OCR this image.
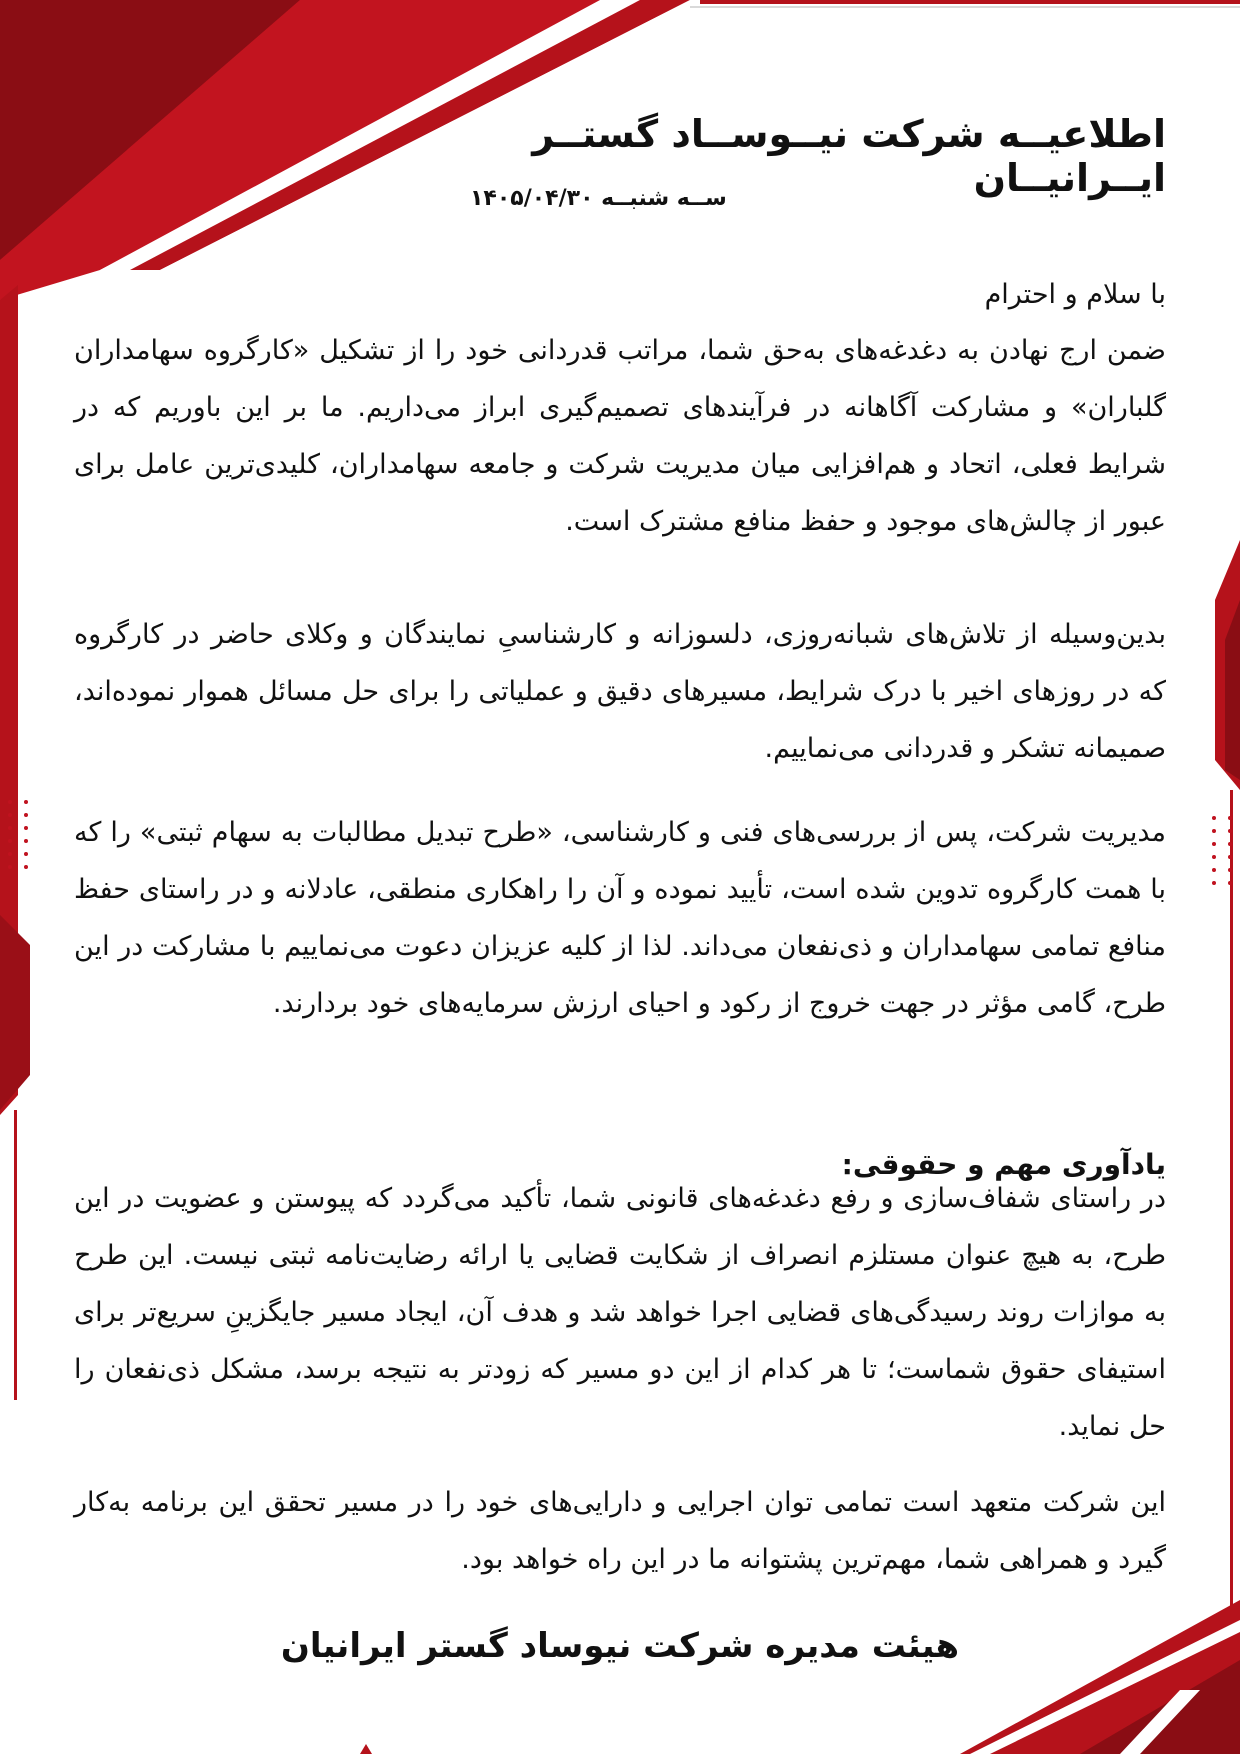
اطلاعیــه شرکت نیــوســاد گستــر ایــرانیــان
ســه شنبــه ۱۴۰۵/۰۴/۳۰

با سلام و احترام

ضمن ارج نهادن به دغدغه‌های به‌حق شما، مراتب قدردانی خود را از تشکیل «کارگروه سهامداران گلباران» و مشارکت آگاهانه در فرآیندهای تصمیم‌گیری ابراز می‌داریم. ما بر این باوریم که در شرایط فعلی، اتحاد و هم‌افزایی میان مدیریت شرکت و جامعه سهامداران، کلیدی‌ترین عامل برای عبور از چالش‌های موجود و حفظ منافع مشترک است.

بدین‌وسیله از تلاش‌های شبانه‌روزی، دلسوزانه و کارشناسیِ نمایندگان و وکلای حاضر در کارگروه که در روزهای اخیر با درک شرایط، مسیرهای دقیق و عملیاتی را برای حل مسائل هموار نموده‌اند، صمیمانه تشکر و قدردانی می‌نماییم.

مدیریت شرکت، پس از بررسی‌های فنی و کارشناسی، «طرح تبدیل مطالبات به سهام ثبتی» را که با همت کارگروه تدوین شده است، تأیید نموده و آن را راهکاری منطقی، عادلانه و در راستای حفظ منافع تمامی سهامداران و ذی‌نفعان می‌داند. لذا از کلیه عزیزان دعوت می‌نماییم با مشارکت در این طرح، گامی مؤثر در جهت خروج از رکود و احیای ارزش سرمایه‌های خود بردارند.

یادآوری مهم و حقوقی:

در راستای شفاف‌سازی و رفع دغدغه‌های قانونی شما، تأکید می‌گردد که پیوستن و عضویت در این طرح، به هیچ عنوان مستلزم انصراف از شکایت قضایی یا ارائه رضایت‌نامه ثبتی نیست. این طرح به موازات روند رسیدگی‌های قضایی اجرا خواهد شد و هدف آن، ایجاد مسیر جایگزینِ سریع‌تر برای استیفای حقوق شماست؛ تا هر کدام از این دو مسیر که زودتر به نتیجه برسد، مشکل ذی‌نفعان را حل نماید.

این شرکت متعهد است تمامی توان اجرایی و دارایی‌های خود را در مسیر تحقق این برنامه به‌کار گیرد و همراهی شما، مهم‌ترین پشتوانه ما در این راه خواهد بود.

هیئت مدیره شرکت نیوساد گستر ایرانیان
